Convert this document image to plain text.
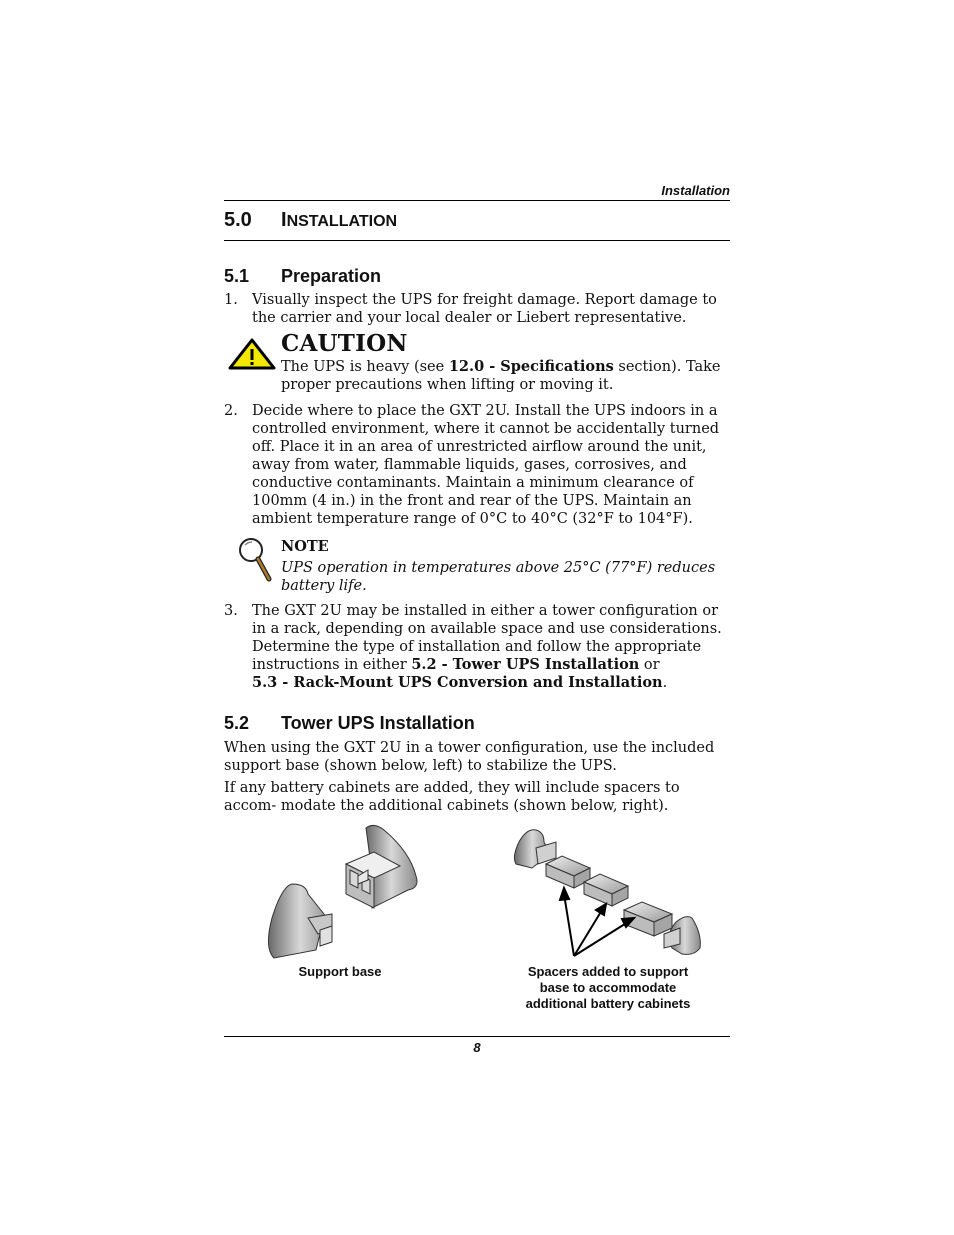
Installation
5.0 INSTALLATION
5.1 Preparation
1. Visually inspect the UPS for freight damage. Report damage to the carrier and your local dealer or Liebert representative.
CAUTION
The UPS is heavy (see 12.0 - Specifications section). Take proper precautions when lifting or moving it.
2. Decide where to place the GXT 2U. Install the UPS indoors in a controlled environment, where it cannot be accidentally turned off. Place it in an area of unrestricted airflow around the unit, away from water, flammable liquids, gases, corrosives, and conductive contaminants. Maintain a minimum clearance of 100mm (4 in.) in the front and rear of the UPS. Maintain an ambient temperature range of 0°C to 40°C (32°F to 104°F).
NOTE
UPS operation in temperatures above 25°C (77°F) reduces battery life.
3. The GXT 2U may be installed in either a tower configuration or in a rack, depending on available space and use considerations. Determine the type of installation and follow the appropriate instructions in either 5.2 - Tower UPS Installation or
5.3 - Rack-Mount UPS Conversion and Installation.
5.2 Tower UPS Installation
When using the GXT 2U in a tower configuration, use the included support base (shown below, left) to stabilize the UPS.
If any battery cabinets are added, they will include spacers to accom- modate the additional cabinets (shown below, right).
Support base	Spacers added to support
base to accommodate
additional battery cabinets
8
